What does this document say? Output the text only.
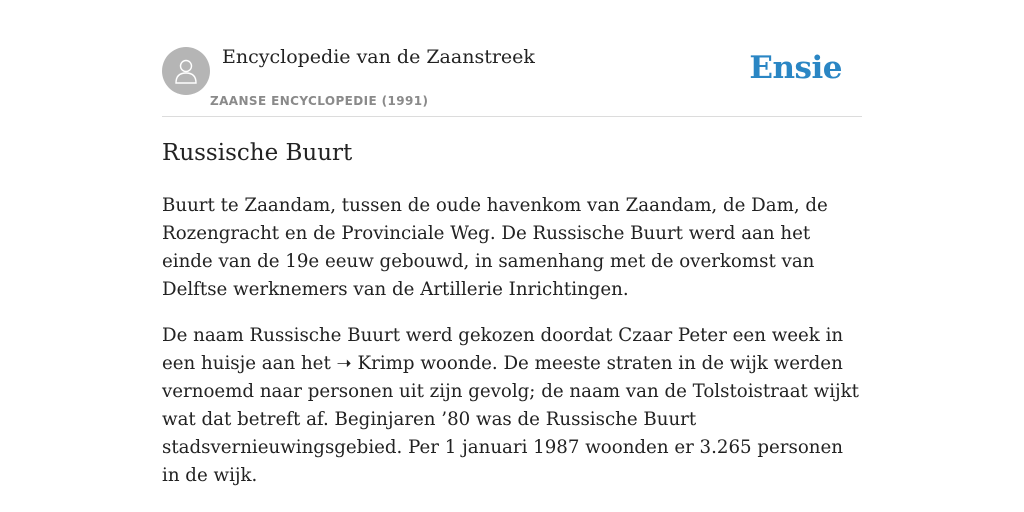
Encyclopedie van de Zaanstreek
ZAANSE ENCYCLOPEDIE (1991)
Ensie
Russische Buurt

Buurt te Zaandam, tussen de oude havenkom van Zaandam, de Dam, de Rozengracht en de Provinciale Weg. De Russische Buurt werd aan het einde van de 19e eeuw gebouwd, in samenhang met de overkomst van Delftse werknemers van de Artillerie Inrichtingen.

De naam Russische Buurt werd gekozen doordat Czaar Peter een week in een huisje aan het ➝ Krimp woonde. De meeste straten in de wijk werden vernoemd naar personen uit zijn gevolg; de naam van de Tolstoistraat wijkt wat dat betreft af. Beginjaren ’80 was de Russische Buurt stadsvernieuwingsgebied. Per 1 januari 1987 woonden er 3.265 personen in de wijk.
